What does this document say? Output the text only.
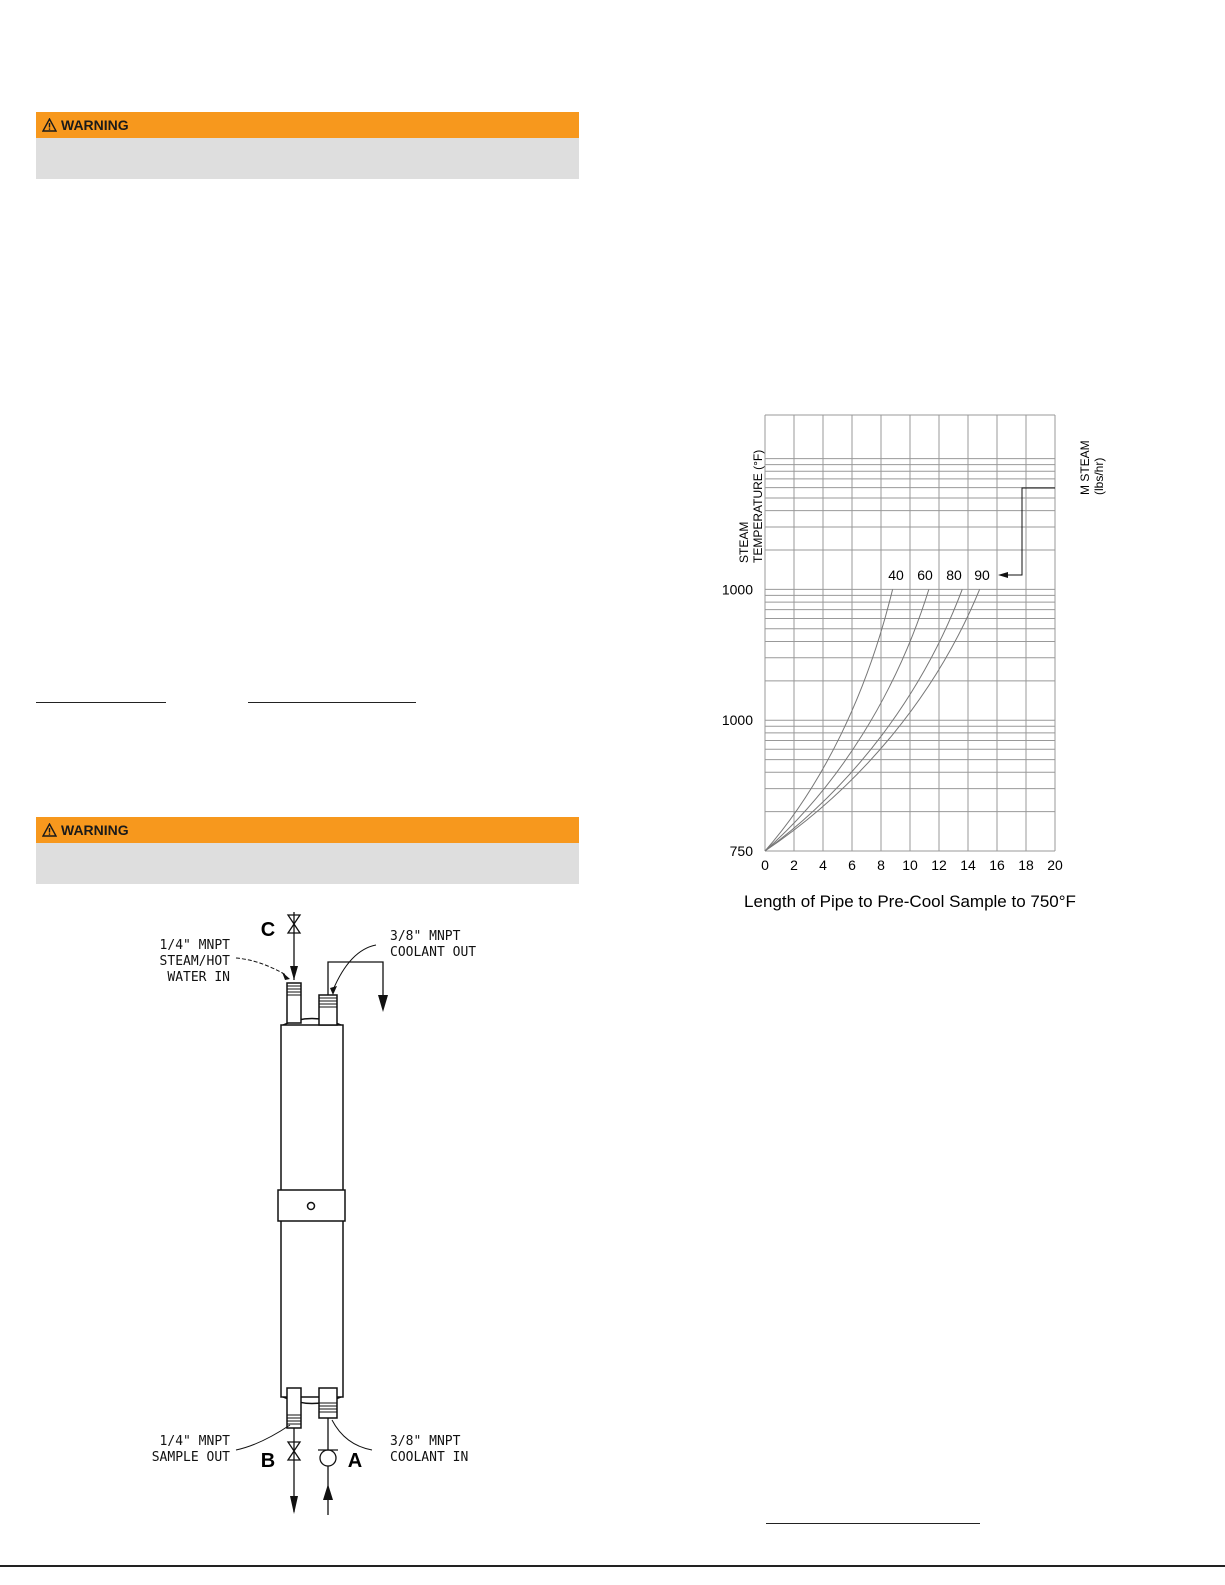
WARNING
WARNING
C
B	A
1/4" MNPT
STEAM/HOT
WATER IN
3/8" MNPT
COOLANT OUT
1/4" MNPT
SAMPLE OUT
3/8" MNPT
COOLANT IN
0 2 4 6 8 10 12 14 16 18 20
1000
1000
750
40 60 80 90
STEAM TEMPERATURE (°F)	M STEAM (lbs/hr)
Length of Pipe to Pre-Cool Sample to 750°F
